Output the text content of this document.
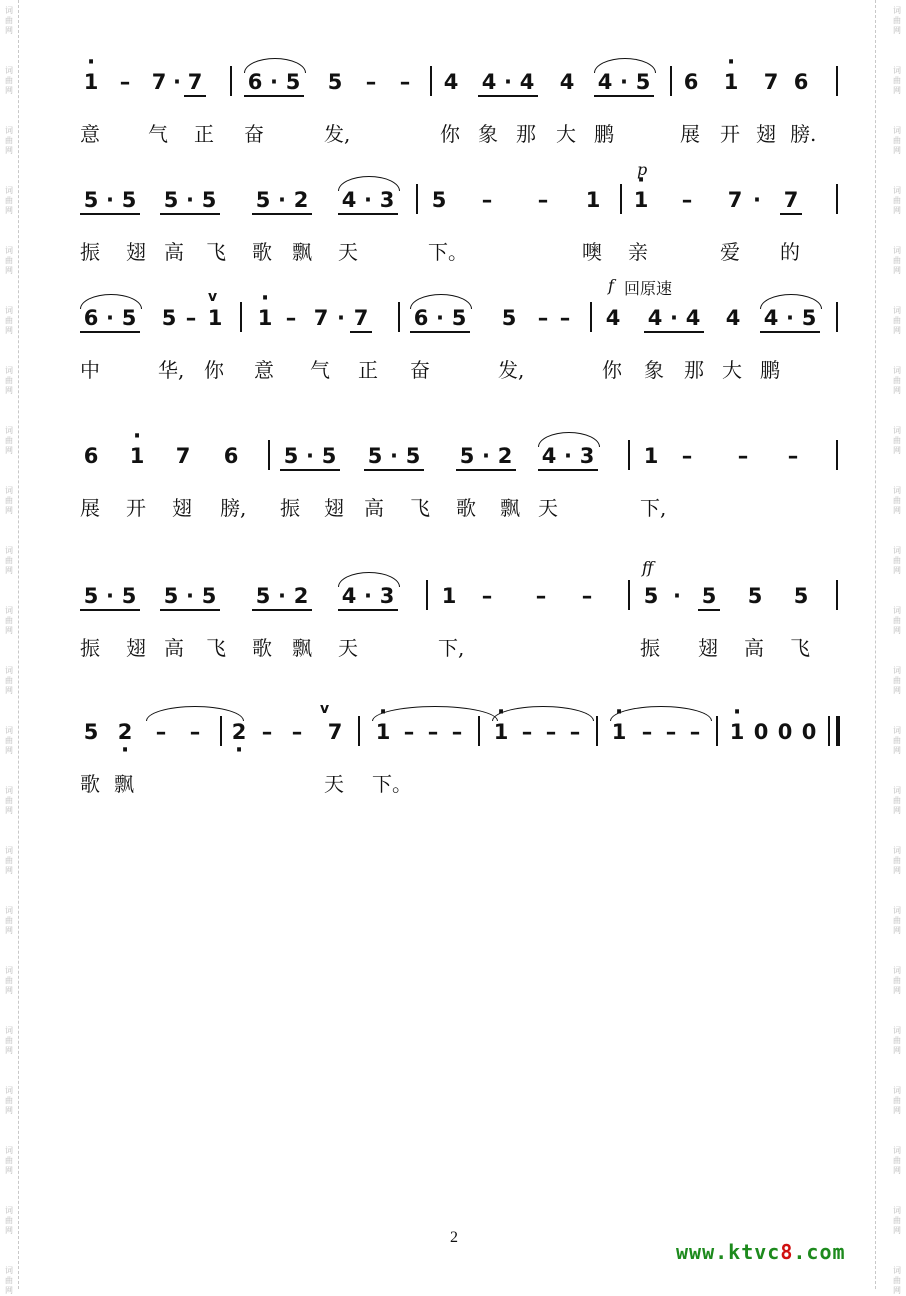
词
曲
网
词
曲
网
词
曲
网
词
曲
网
词
曲
网
词
曲
网
词
曲
网
词
曲
网
词
曲
网
词
曲
网
词
曲
网
词
曲
网
词
曲
网
词
曲
网
词
曲
网
词
曲
网
词
曲
网
词
曲
网
词
曲
网
词
曲
网
词
曲
网
词
曲
网
词
曲
网
词
曲
网
词
曲
网
词
曲
网
词
曲
网
词
曲
网
词
曲
网
词
曲
网
词
曲
网
词
曲
网
词
曲
网
词
曲
网
词
曲
网
词
曲
网
词
曲
网
词
曲
网
词
曲
网
词
曲
网
词
曲
网
词
曲
网
词
曲
网
词
曲
网
· 1 – 7 · 7 6 · 5 5 – – 4 4 · 4 4 4 · 5 6 · 1 7 6
意 气 正 奋	发,	你 象 那 大 鹏	展 开 翅 膀.
5 · 5 5 · 5 5 · 2 4 · 3 5 – – 1
p
· 1 – 7 ·	7
振 翅 高 飞 歌 飘 天	下。	噢 亲	爱 的
f 回原速
6 · 5 5 –
v
1 · 1 – 7 · 7 6 · 5 5 – – 4 4 · 4 4 4 · 5
中	华, 你 意 气 正 奋	发,	你 象 那 大 鹏
6 · 1 7 6 5 · 5 5 · 5 5 · 2 4 · 3 1 – – –
展 开 翅 膀, 振 翅 高 飞 歌 飘 天	下,
5 · 5 5 · 5 5 · 2 4 · 3 1 – – –
ff
5 · 5 5 5
振 翅 高 飞 歌 飘 天	下,	振 翅 高 飞
5 2 · – – 2 · – –
v
7 · 1 – – – · 1 – – – · 1 – – – · 1 0 0 0
歌 飘	天 下。
2
www.ktvc8.com
